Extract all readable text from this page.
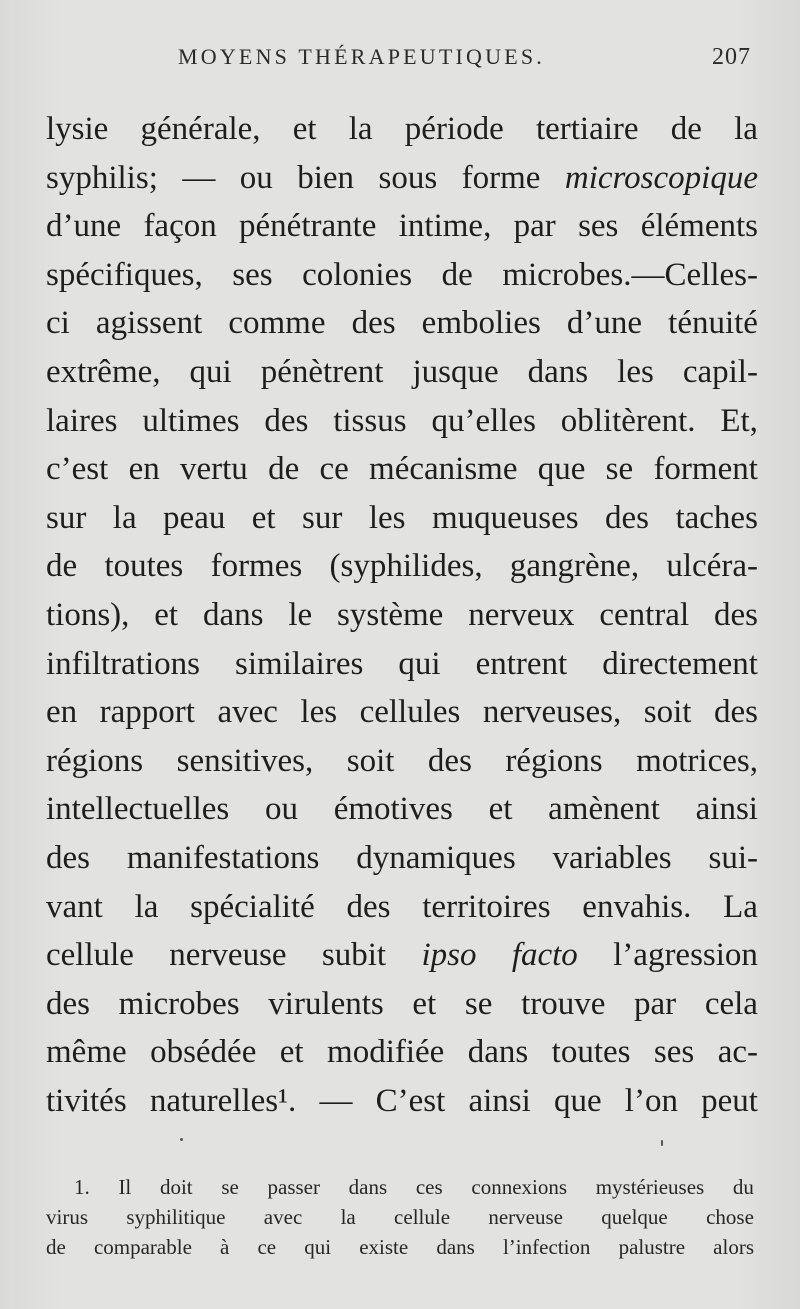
MOYENS THÉRAPEUTIQUES.	207
lysie générale, et la période tertiaire de la
syphilis; — ou bien sous forme microscopique
d’une façon pénétrante intime, par ses éléments
spécifiques, ses colonies de microbes.—Celles-
ci agissent comme des embolies d’une ténuité
extrême, qui pénètrent jusque dans les capil-
laires ultimes des tissus qu’elles oblitèrent. Et,
c’est en vertu de ce mécanisme que se forment
sur la peau et sur les muqueuses des taches
de toutes formes (syphilides, gangrène, ulcéra-
tions), et dans le système nerveux central des
infiltrations similaires qui entrent directement
en rapport avec les cellules nerveuses, soit des
régions sensitives, soit des régions motrices,
intellectuelles ou émotives et amènent ainsi
des manifestations dynamiques variables sui-
vant la spécialité des territoires envahis. La
cellule nerveuse subit ipso facto l’agression
des microbes virulents et se trouve par cela
même obsédée et modifiée dans toutes ses ac-
tivités naturelles¹. — C’est ainsi que l’on peut
1. Il doit se passer dans ces connexions mystérieuses du
virus syphilitique avec la cellule nerveuse quelque chose
de comparable à ce qui existe dans l’infection palustre alors
